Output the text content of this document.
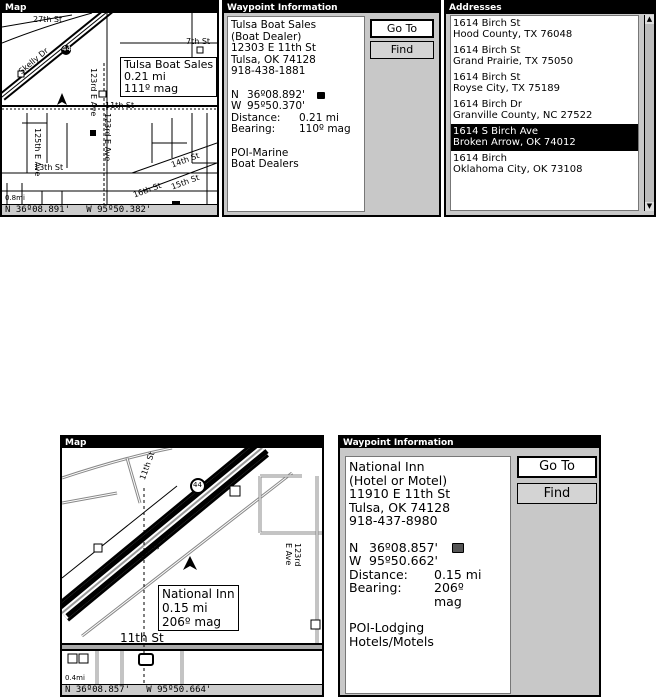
Map
27th St
Skelly Dr 44
7th St
123rd E Ave
123rd E Ave
11th St
125th E Ave
13th St	14th St
15th St
16th St
0.8mi
Tulsa Boat Sales
0.21 mi
111º mag
N 36º08.891' W 95º50.382'
Waypoint Information
Tulsa Boat Sales
(Boat Dealer)
12303 E 11th St
Tulsa, OK 74128
918-438-1881
N 36º08.892'
W 95º50.370'
Distance:	0.21 mi
Bearing:	110º mag
POI-Marine
Boat Dealers
Go To
Find
Addresses
1614 Birch St
Hood County, TX 76048
1614 Birch St
Grand Prairie, TX 75050
1614 Birch St
Royse City, TX 75189
1614 Birch Dr
Granville County, NC 27522
1614 S Birch Ave
Broken Arrow, OK 74012
1614 Birch
Oklahoma City, OK 73108
▲
▼
Map
11th St
44
Skelly Dr	123rd E Ave
11th St
0.4mi
National Inn
0.15 mi
206º mag
N 36º08.857' W 95º50.664'
Waypoint Information
National Inn
(Hotel or Motel)
11910 E 11th St
Tulsa, OK 74128
918-437-8980
N 36º08.857'
W 95º50.662'
Distance:	0.15 mi
Bearing:	206º
mag
POI-Lodging
Hotels/Motels
Go To
Find
